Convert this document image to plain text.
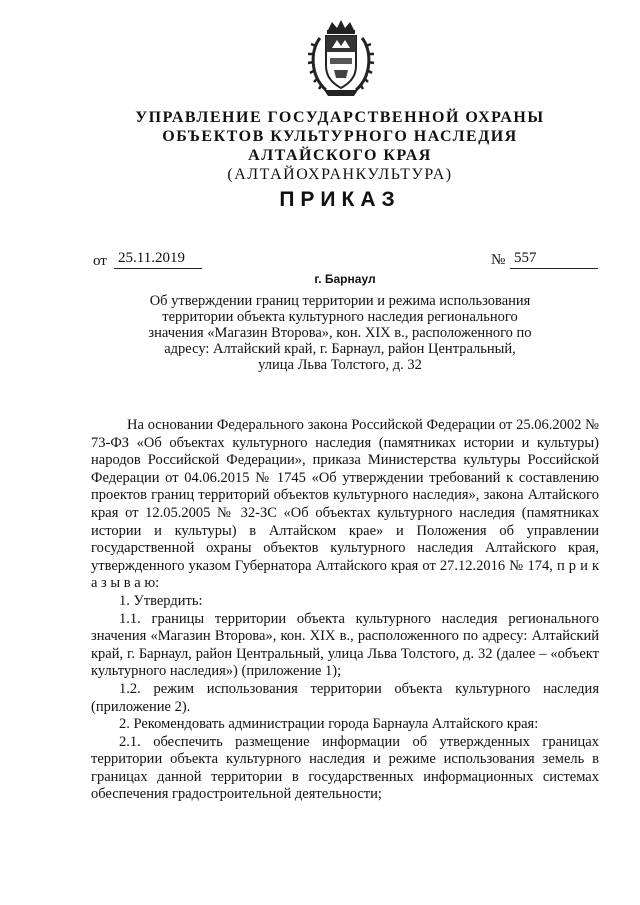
УПРАВЛЕНИЕ ГОСУДАРСТВЕННОЙ ОХРАНЫ
ОБЪЕКТОВ КУЛЬТУРНОГО НАСЛЕДИЯ
АЛТАЙСКОГО КРАЯ
(АЛТАЙОХРАНКУЛЬТУРА)
ПРИКАЗ
от 25.11.2019	№ 557
г. Барнаул
Об утверждении границ территории и режима использования
территории объекта культурного наследия регионального
значения «Магазин Второва», кон. XIX в., расположенного по
адресу: Алтайский край, г. Барнаул, район Центральный,
улица Льва Толстого, д. 32

На основании Федерального закона Российской Федерации от 25.06.2002 № 73-ФЗ «Об объектах культурного наследия (памятниках истории и культуры) народов Российской Федерации», приказа Министерства культуры Российской Федерации от 04.06.2015 № 1745 «Об утверждении требований к составлению проектов границ территорий объектов культурного наследия», закона Алтайского края от 12.05.2005 № 32-ЗС «Об объектах культурного наследия (памятниках истории и культуры) в Алтайском крае» и Положения об управлении государственной охраны объектов культурного наследия Алтайского края, утвержденного указом Губернатора Алтайского края от 27.12.2016 № 174, п р и к а з ы в а ю:

1. Утвердить:

1.1. границы территории объекта культурного наследия регионального значения «Магазин Второва», кон. XIX в., расположенного по адресу: Алтайский край, г. Барнаул, район Центральный, улица Льва Толстого, д. 32 (далее – «объект культурного наследия») (приложение 1);

1.2. режим использования территории объекта культурного наследия (приложение 2).

2. Рекомендовать администрации города Барнаула Алтайского края:

2.1. обеспечить размещение информации об утвержденных границах территории объекта культурного наследия и режиме использования земель в границах данной территории в государственных информационных системах обеспечения градостроительной деятельности;
